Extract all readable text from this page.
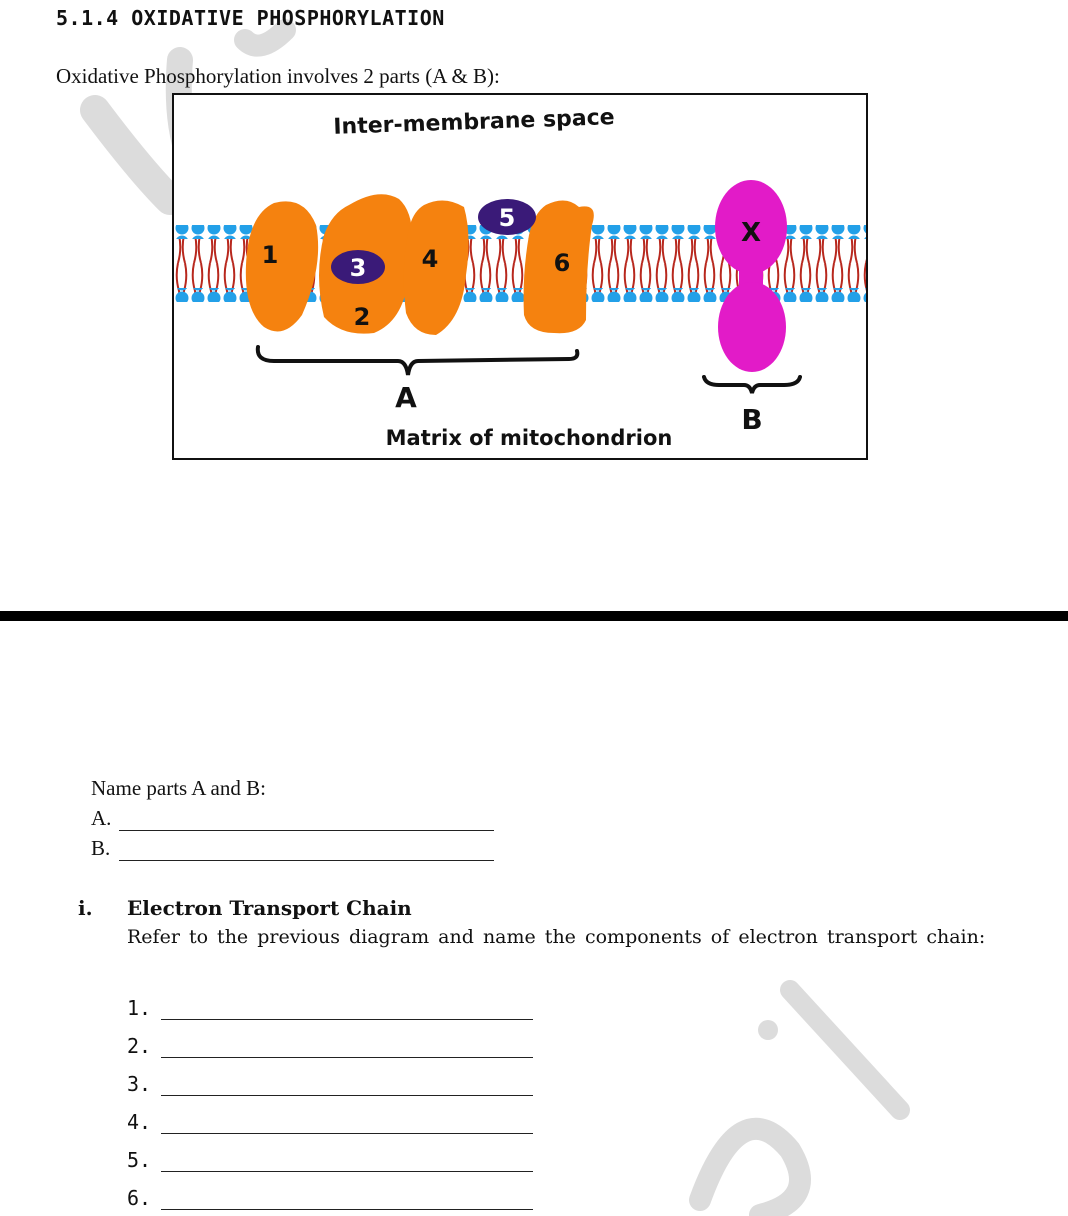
5.1.4 OXIDATIVE PHOSPHORYLATION
Oxidative Phosphorylation involves 2 parts (A & B):
Inter-membrane space
1	3
2
4
5
6
X
A
B
Matrix of mitochondrion
Name parts A and B:
A.
B.
i. Electron Transport Chain
Refer to the previous diagram and name the components of electron transport chain:
1.
2.
3.
4.
5.
6.
